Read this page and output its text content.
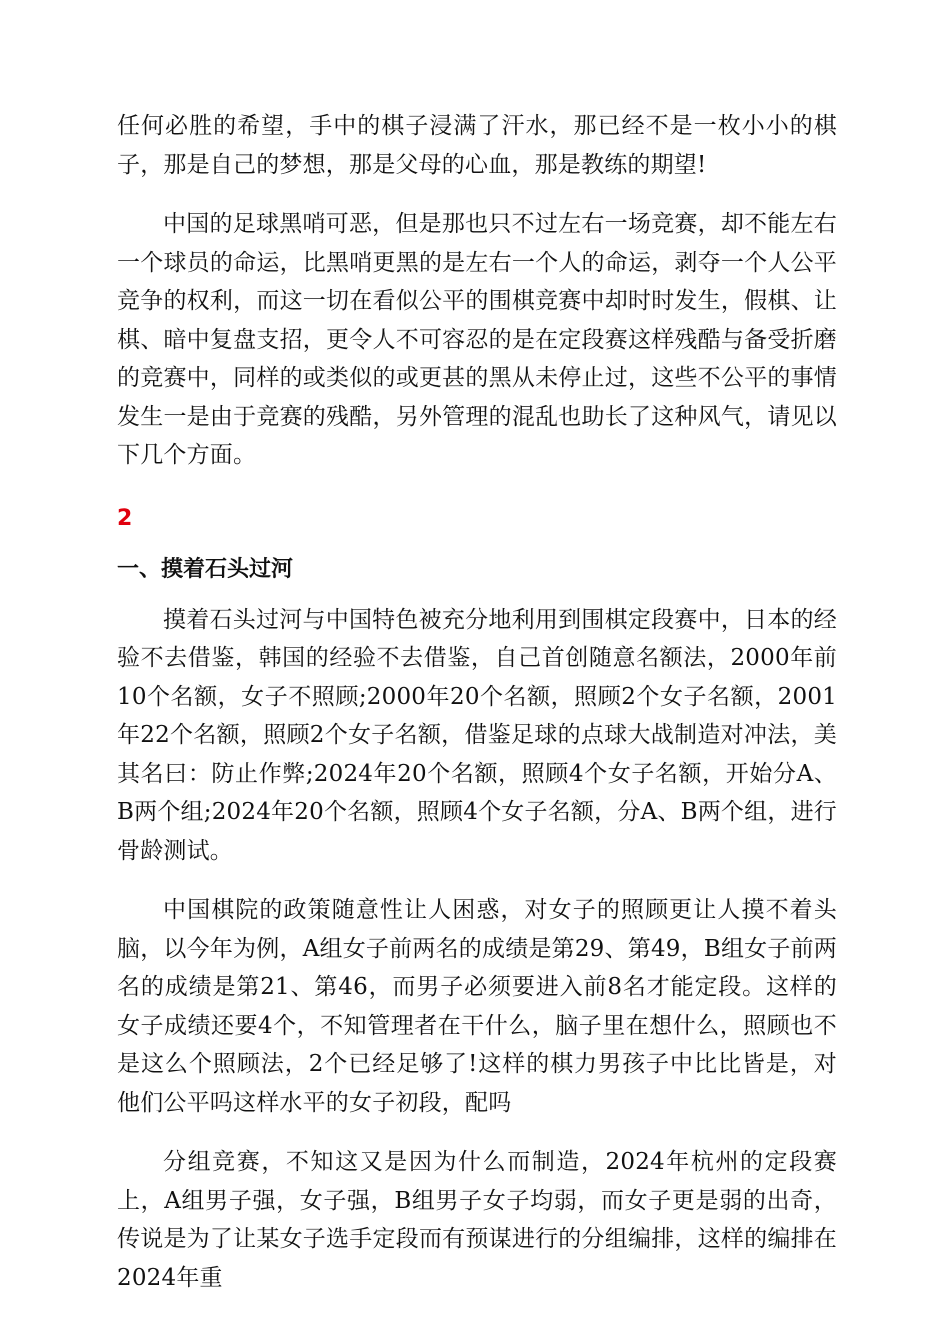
任何必胜的希望，手中的棋子浸满了汗水，那已经不是一枚小小的棋子，那是自己的梦想，那是父母的心血，那是教练的期望!

中国的足球黑哨可恶，但是那也只不过左右一场竞赛，却不能左右一个球员的命运，比黑哨更黑的是左右一个人的命运，剥夺一个人公平竞争的权利，而这一切在看似公平的围棋竞赛中却时时发生，假棋、让棋、暗中复盘支招，更令人不可容忍的是在定段赛这样残酷与备受折磨的竞赛中，同样的或类似的或更甚的黑从未停止过，这些不公平的事情发生一是由于竞赛的残酷，另外管理的混乱也助长了这种风气，请见以下几个方面。

2

一、摸着石头过河

摸着石头过河与中国特色被充分地利用到围棋定段赛中，日本的经验不去借鉴，韩国的经验不去借鉴，自己首创随意名额法，2000年前10个名额，女子不照顾;2000年20个名额，照顾2个女子名额，2001年22个名额，照顾2个女子名额，借鉴足球的点球大战制造对冲法，美其名曰：防止作弊;2024年20个名额，照顾4个女子名额，开始分A、B两个组;2024年20个名额，照顾4个女子名额，分A、B两个组，进行骨龄测试。

中国棋院的政策随意性让人困惑，对女子的照顾更让人摸不着头脑，以今年为例，A组女子前两名的成绩是第29、第49，B组女子前两名的成绩是第21、第46，而男子必须要进入前8名才能定段。这样的女子成绩还要4个，不知管理者在干什么，脑子里在想什么，照顾也不是这么个照顾法，2个已经足够了!这样的棋力男孩子中比比皆是，对他们公平吗这样水平的女子初段，配吗

分组竞赛，不知这又是因为什么而制造，2024年杭州的定段赛上，A组男子强，女子强，B组男子女子均弱，而女子更是弱的出奇，传说是为了让某女子选手定段而有预谋进行的分组编排，这样的编排在2024年重
